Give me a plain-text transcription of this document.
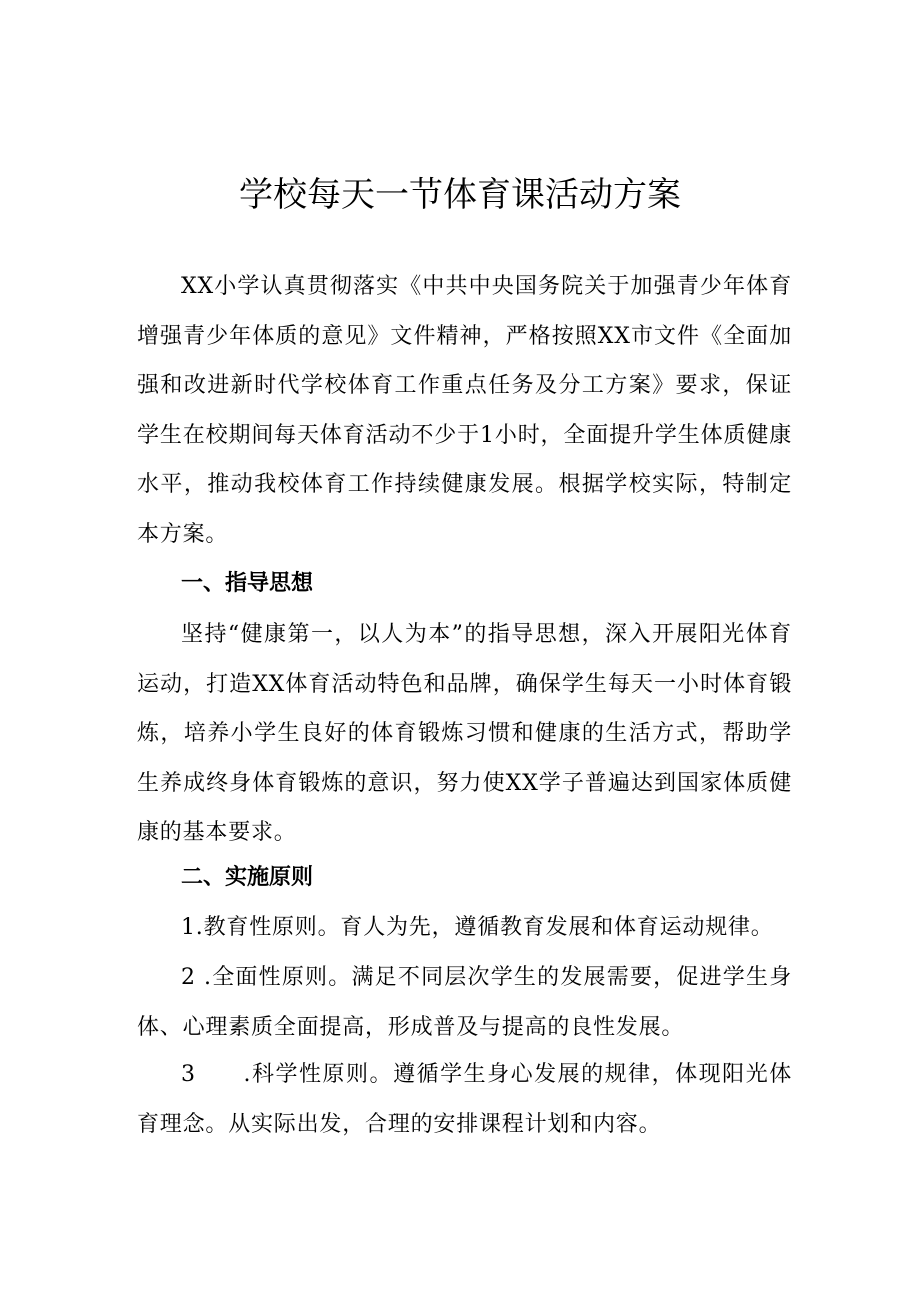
学校每天一节体育课活动方案

XX小学认真贯彻落实《中共中央国务院关于加强青少年体育增强青少年体质的意见》文件精神，严格按照XX市文件《全面加强和改进新时代学校体育工作重点任务及分工方案》要求，保证学生在校期间每天体育活动不少于1小时，全面提升学生体质健康水平，推动我校体育工作持续健康发展。根据学校实际，特制定本方案。

一、指导思想

坚持“健康第一，以人为本”的指导思想，深入开展阳光体育运动，打造XX体育活动特色和品牌，确保学生每天一小时体育锻炼，培养小学生良好的体育锻炼习惯和健康的生活方式，帮助学生养成终身体育锻炼的意识，努力使XX学子普遍达到国家体质健康的基本要求。

二、实施原则

1.教育性原则。育人为先，遵循教育发展和体育运动规律。

2 .全面性原则。满足不同层次学生的发展需要，促进学生身体、心理素质全面提高，形成普及与提高的良性发展。

3　　.科学性原则。遵循学生身心发展的规律，体现阳光体育理念。从实际出发，合理的安排课程计划和内容。
